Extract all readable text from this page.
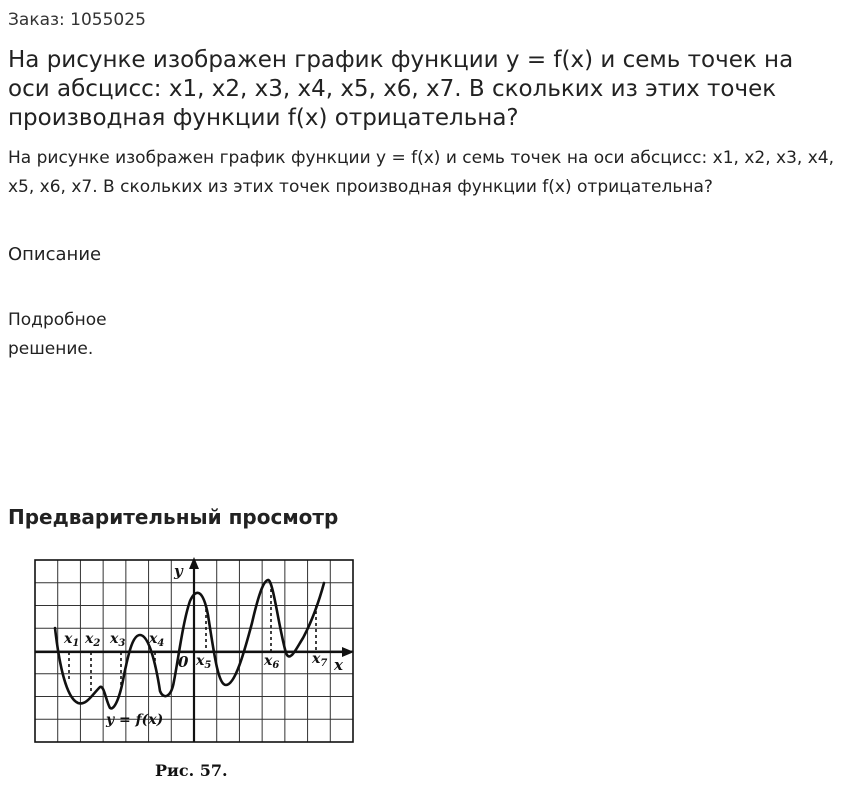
Заказ: 1055025

На рисунке изображен график функции y = f(x) и семь точек на оси абсцисс: x1, x2, x3, x4, x5, x6, x7. В скольких из этих точек производная функции f(x) отрицательна?

На рисунке изображен график функции y = f(x) и семь точек на оси абсцисс: x1, x2, x3, x4, x5, x6, x7. В скольких из этих точек производная функции f(x) отрицательна?

Описание

Подробное решение.

Предварительный просмотр
y
x
0
y = f(x)
$x_1$ $x_2$ $x_3$ $x_4$
$x_5$	$x_6$ $x_7$
Рис. 57.
